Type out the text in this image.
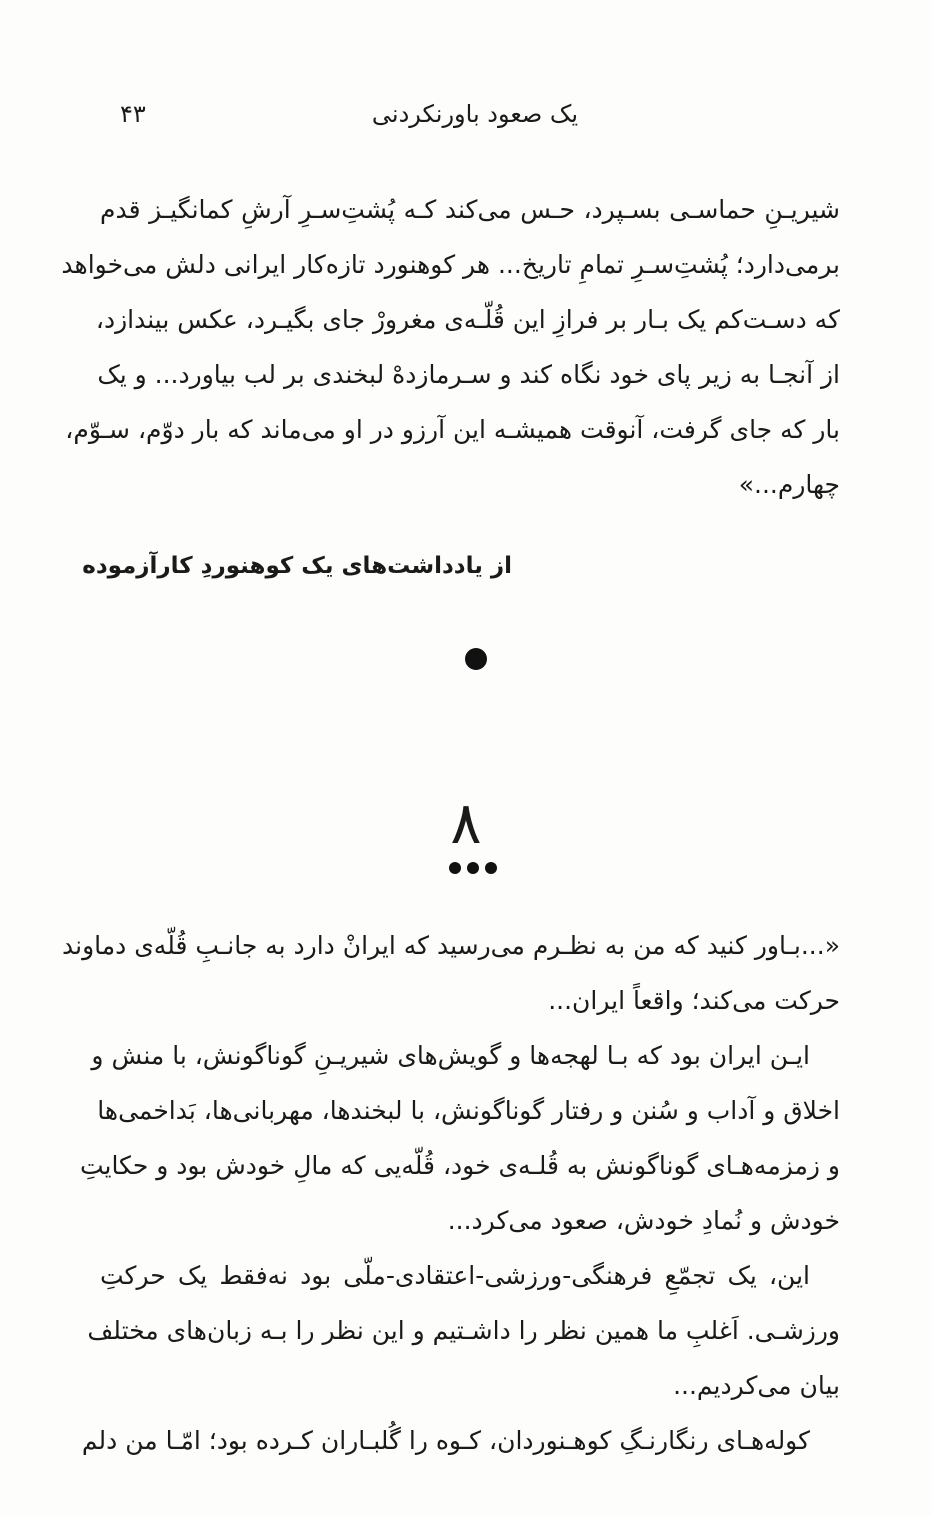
۴۳	یک صعود باورنکردنی
شیریـنِ حماسـی بسـپرد، حـس می‌کند کـه پُشتِ‌سـرِ آرشِ کمانگیـز قدم
برمی‌دارد؛ پُشتِ‌سـرِ تمامِ تاریخ... هر کوهنورد تازه‌کار ایرانی دلش می‌خواهد
که دسـت‌کم یک بـار بر فرازِ این قُلّـه‌ی مغرورْ جای بگیـرد، عکس بیندازد،
از آنجـا به زیر پای خود نگاه کند و سـرمازدهْ لبخندی بر لب بیاورد... و یک
بار که جای گرفت، آنوقت همیشـه این آرزو در او می‌ماند که بار دوّم، سـوّم،
چهارم...»
از یادداشت‌های یک کوهنوردِ کارآزموده
۸
«...بـاور کنید که من به نظـرم می‌رسید که ایرانْ دارد به جانـبِ قُلّه‌ی دماوند
حرکت می‌کند؛ واقعاً ایران...
ایـن ایران بود که بـا لهجه‌ها و گویش‌های شیریـنِ گوناگونش، با منش و
اخلاق و آداب و سُنن و رفتار گوناگونش، با لبخندها، مهربانی‌ها، بَداخمی‌ها
و زمزمه‌هـای گوناگونش به قُلـه‌ی خود، قُلّه‌یی که مالِ خودش بود و حکایتِ
خودش و نُمادِ خودش، صعود می‌کرد...
این، یک تجمّعِ فرهنگی-ورزشی-اعتقادی-ملّی بود نه‌فقط یک حرکتِ
ورزشـی. اَغلبِ ما همین نظر را داشـتیم و این نظر را بـه زبان‌های مختلف
بیان می‌کردیم...
کوله‌هـای رنگارنـگِ کوهـنوردان، کـوه را گُلبـاران کـرده بود؛ امّـا من دلم
